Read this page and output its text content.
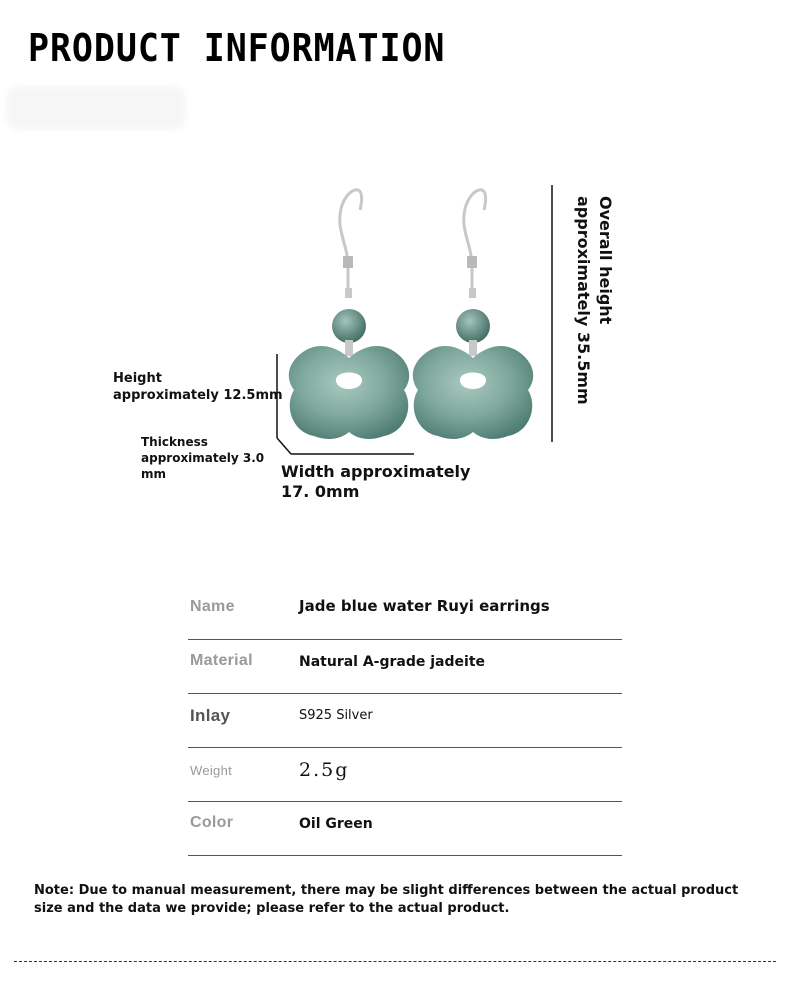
PRODUCT INFORMATION
Height
approximately 12.5mm
Thickness approximately 3.0 mm	Width approximately 17. 0mm
Overall height
approximately 35.5mm
Name	Jade blue water Ruyi earrings
Material	Natural A-grade jadeite
Inlay	S925 Silver
Weight	2.5g
Color	Oil Green

Note: Due to manual measurement, there may be slight differences between the actual product size and the data we provide; please refer to the actual product.
